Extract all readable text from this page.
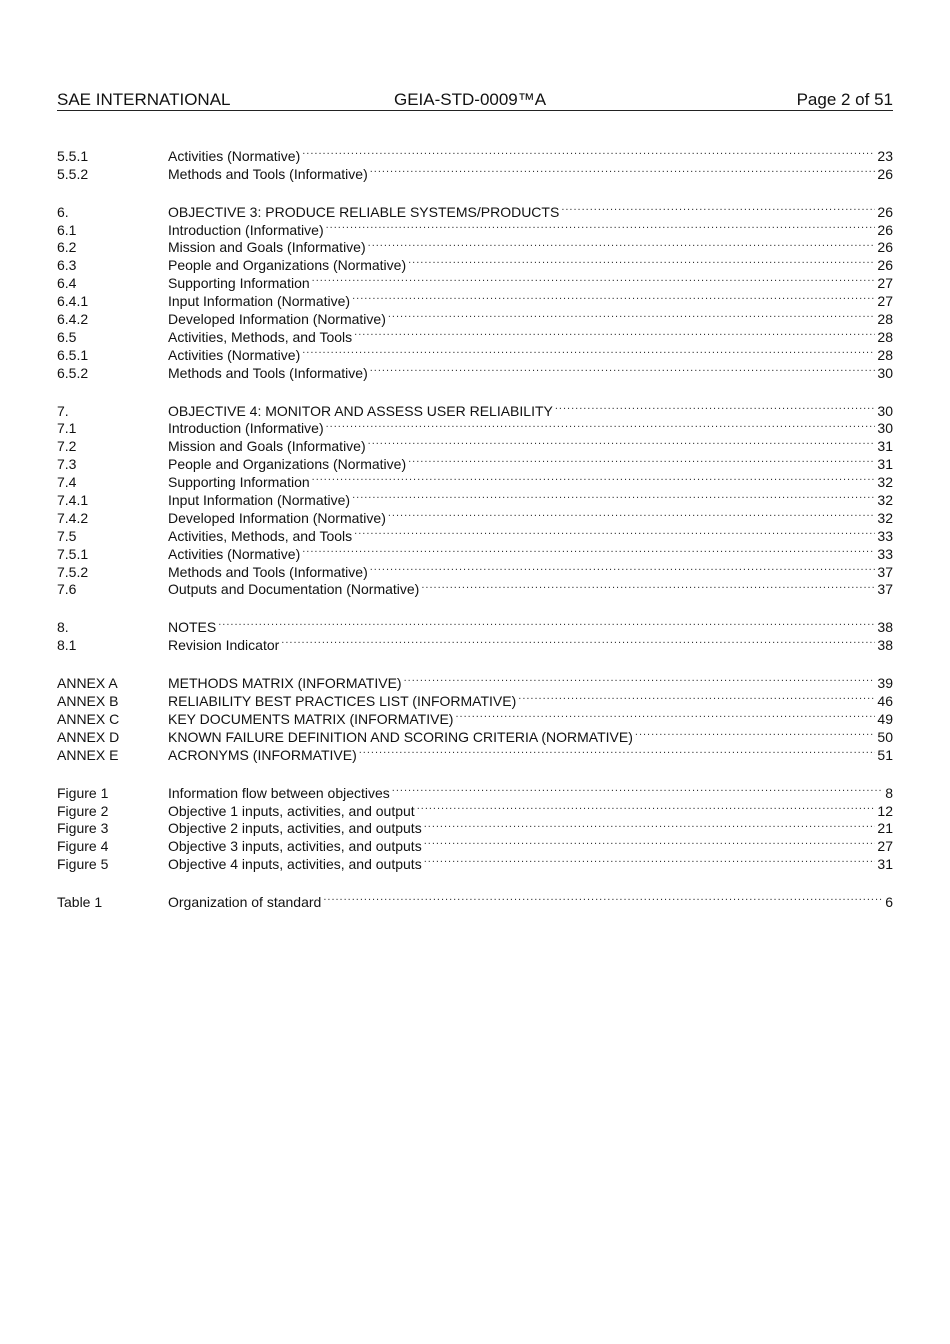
SAE INTERNATIONAL	GEIA-STD-0009™A	Page 2 of 51
5.5.1	Activities (Normative) .....	23
5.5.2	Methods and Tools (Informative) .....	26
6.	OBJECTIVE 3: PRODUCE RELIABLE SYSTEMS/PRODUCTS .....	26
6.1	Introduction (Informative) .....	26
6.2	Mission and Goals (Informative) .....	26
6.3	People and Organizations (Normative) .....	26
6.4	Supporting Information .....	27
6.4.1	Input Information (Normative) .....	27
6.4.2	Developed Information (Normative) .....	28
6.5	Activities, Methods, and Tools .....	28
6.5.1	Activities (Normative) .....	28
6.5.2	Methods and Tools (Informative) .....	30
7.	OBJECTIVE 4: MONITOR AND ASSESS USER RELIABILITY .....	30
7.1	Introduction (Informative) .....	30
7.2	Mission and Goals (Informative) .....	31
7.3	People and Organizations (Normative) .....	31
7.4	Supporting Information .....	32
7.4.1	Input Information (Normative) .....	32
7.4.2	Developed Information (Normative) .....	32
7.5	Activities, Methods, and Tools .....	33
7.5.1	Activities (Normative) .....	33
7.5.2	Methods and Tools (Informative) .....	37
7.6	Outputs and Documentation (Normative) .....	37
8.	NOTES .....	38
8.1	Revision Indicator .....	38
ANNEX A	METHODS MATRIX (INFORMATIVE) .....	39
ANNEX B	RELIABILITY BEST PRACTICES LIST (INFORMATIVE) .....	46
ANNEX C	KEY DOCUMENTS MATRIX (INFORMATIVE) .....	49
ANNEX D	KNOWN FAILURE DEFINITION AND SCORING CRITERIA (NORMATIVE) .....	50
ANNEX E	ACRONYMS (INFORMATIVE) .....	51
Figure 1	Information flow between objectives .....	8
Figure 2	Objective 1 inputs, activities, and output .....	12
Figure 3	Objective 2 inputs, activities, and outputs .....	21
Figure 4	Objective 3 inputs, activities, and outputs .....	27
Figure 5	Objective 4 inputs, activities, and outputs .....	31
Table 1	Organization of standard .....	6
